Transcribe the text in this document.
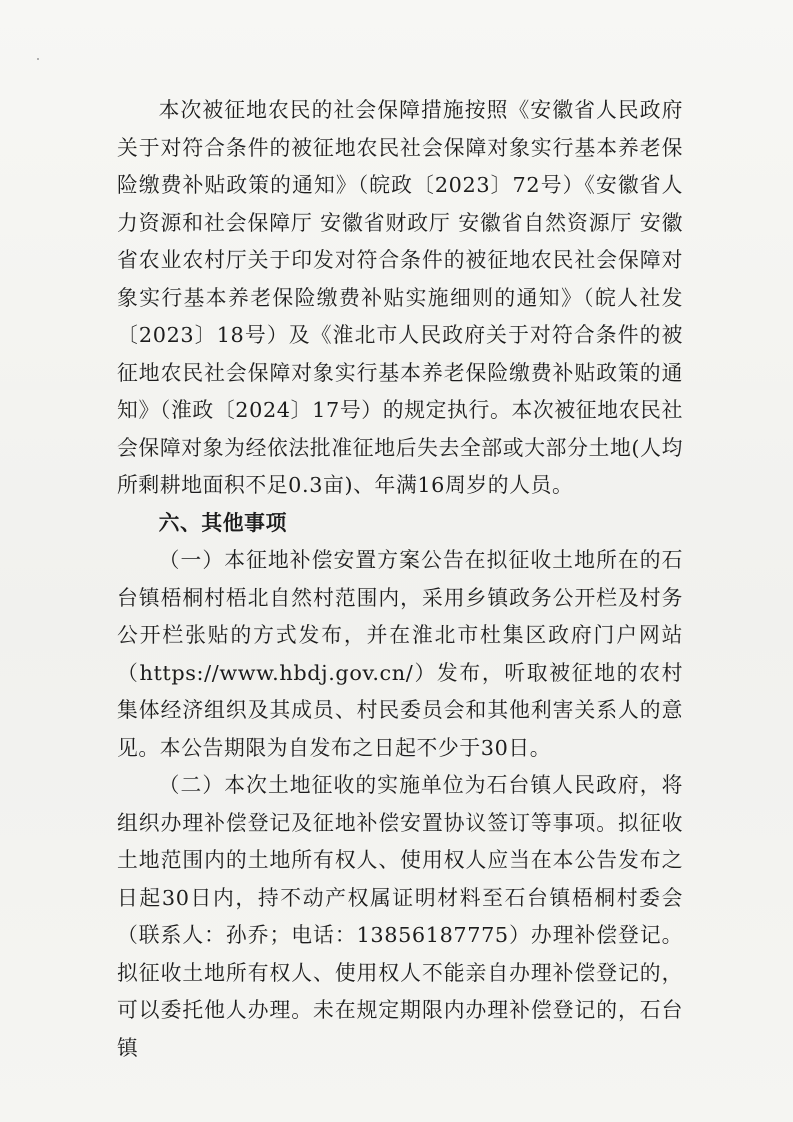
本次被征地农民的社会保障措施按照《安徽省人民政府关于对符合条件的被征地农民社会保障对象实行基本养老保险缴费补贴政策的通知》（皖政〔2023〕72号）《安徽省人力资源和社会保障厅 安徽省财政厅 安徽省自然资源厅 安徽省农业农村厅关于印发对符合条件的被征地农民社会保障对象实行基本养老保险缴费补贴实施细则的通知》（皖人社发〔2023〕18号）及《淮北市人民政府关于对符合条件的被征地农民社会保障对象实行基本养老保险缴费补贴政策的通知》（淮政〔2024〕17号）的规定执行。本次被征地农民社会保障对象为经依法批准征地后失去全部或大部分土地(人均所剩耕地面积不足0.3亩)、年满16周岁的人员。

六、其他事项

（一）本征地补偿安置方案公告在拟征收土地所在的石台镇梧桐村梧北自然村范围内，采用乡镇政务公开栏及村务公开栏张贴的方式发布，并在淮北市杜集区政府门户网站（https://www.hbdj.gov.cn/）发布，听取被征地的农村集体经济组织及其成员、村民委员会和其他利害关系人的意见。本公告期限为自发布之日起不少于30日。

（二）本次土地征收的实施单位为石台镇人民政府，将组织办理补偿登记及征地补偿安置协议签订等事项。拟征收土地范围内的土地所有权人、使用权人应当在本公告发布之日起30日内，持不动产权属证明材料至石台镇梧桐村委会（联系人：孙乔；电话：13856187775）办理补偿登记。拟征收土地所有权人、使用权人不能亲自办理补偿登记的，可以委托他人办理。未在规定期限内办理补偿登记的，石台镇
